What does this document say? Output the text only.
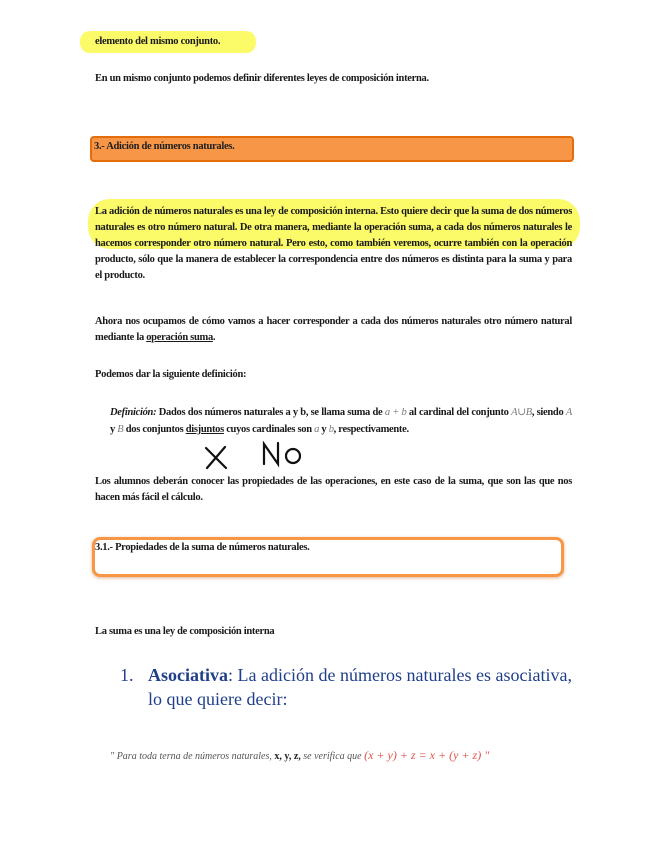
elemento del mismo conjunto.
En un mismo conjunto podemos definir diferentes leyes de composición interna.
3.- Adición de números naturales.
La adición de números naturales es una ley de composición interna. Esto quiere decir que la suma de dos números naturales es otro número natural. De otra manera, mediante la operación suma, a cada dos números naturales le hacemos corresponder otro número natural. Pero esto, como también veremos, ocurre también con la operación producto, sólo que la manera de establecer la correspondencia entre dos números es distinta para la suma y para el producto.
Ahora nos ocupamos de cómo vamos a hacer corresponder a cada dos números naturales otro número natural mediante la operación suma.
Podemos dar la siguiente definición:
Definición: Dados dos números naturales a y b, se llama suma de a + b al cardinal del conjunto A∪B, siendo A y B dos conjuntos disjuntos cuyos cardinales son a y b, respectivamente.
Los alumnos deberán conocer las propiedades de las operaciones, en este caso de la suma, que son las que nos hacen más fácil el cálculo.
3.1.- Propiedades de la suma de números naturales.
La suma es una ley de composición interna
1. Asociativa: La adición de números naturales es asociativa, lo que quiere decir:
" Para toda terna de números naturales, x, y, z, se verifica que (x + y) + z = x + (y + z) "
